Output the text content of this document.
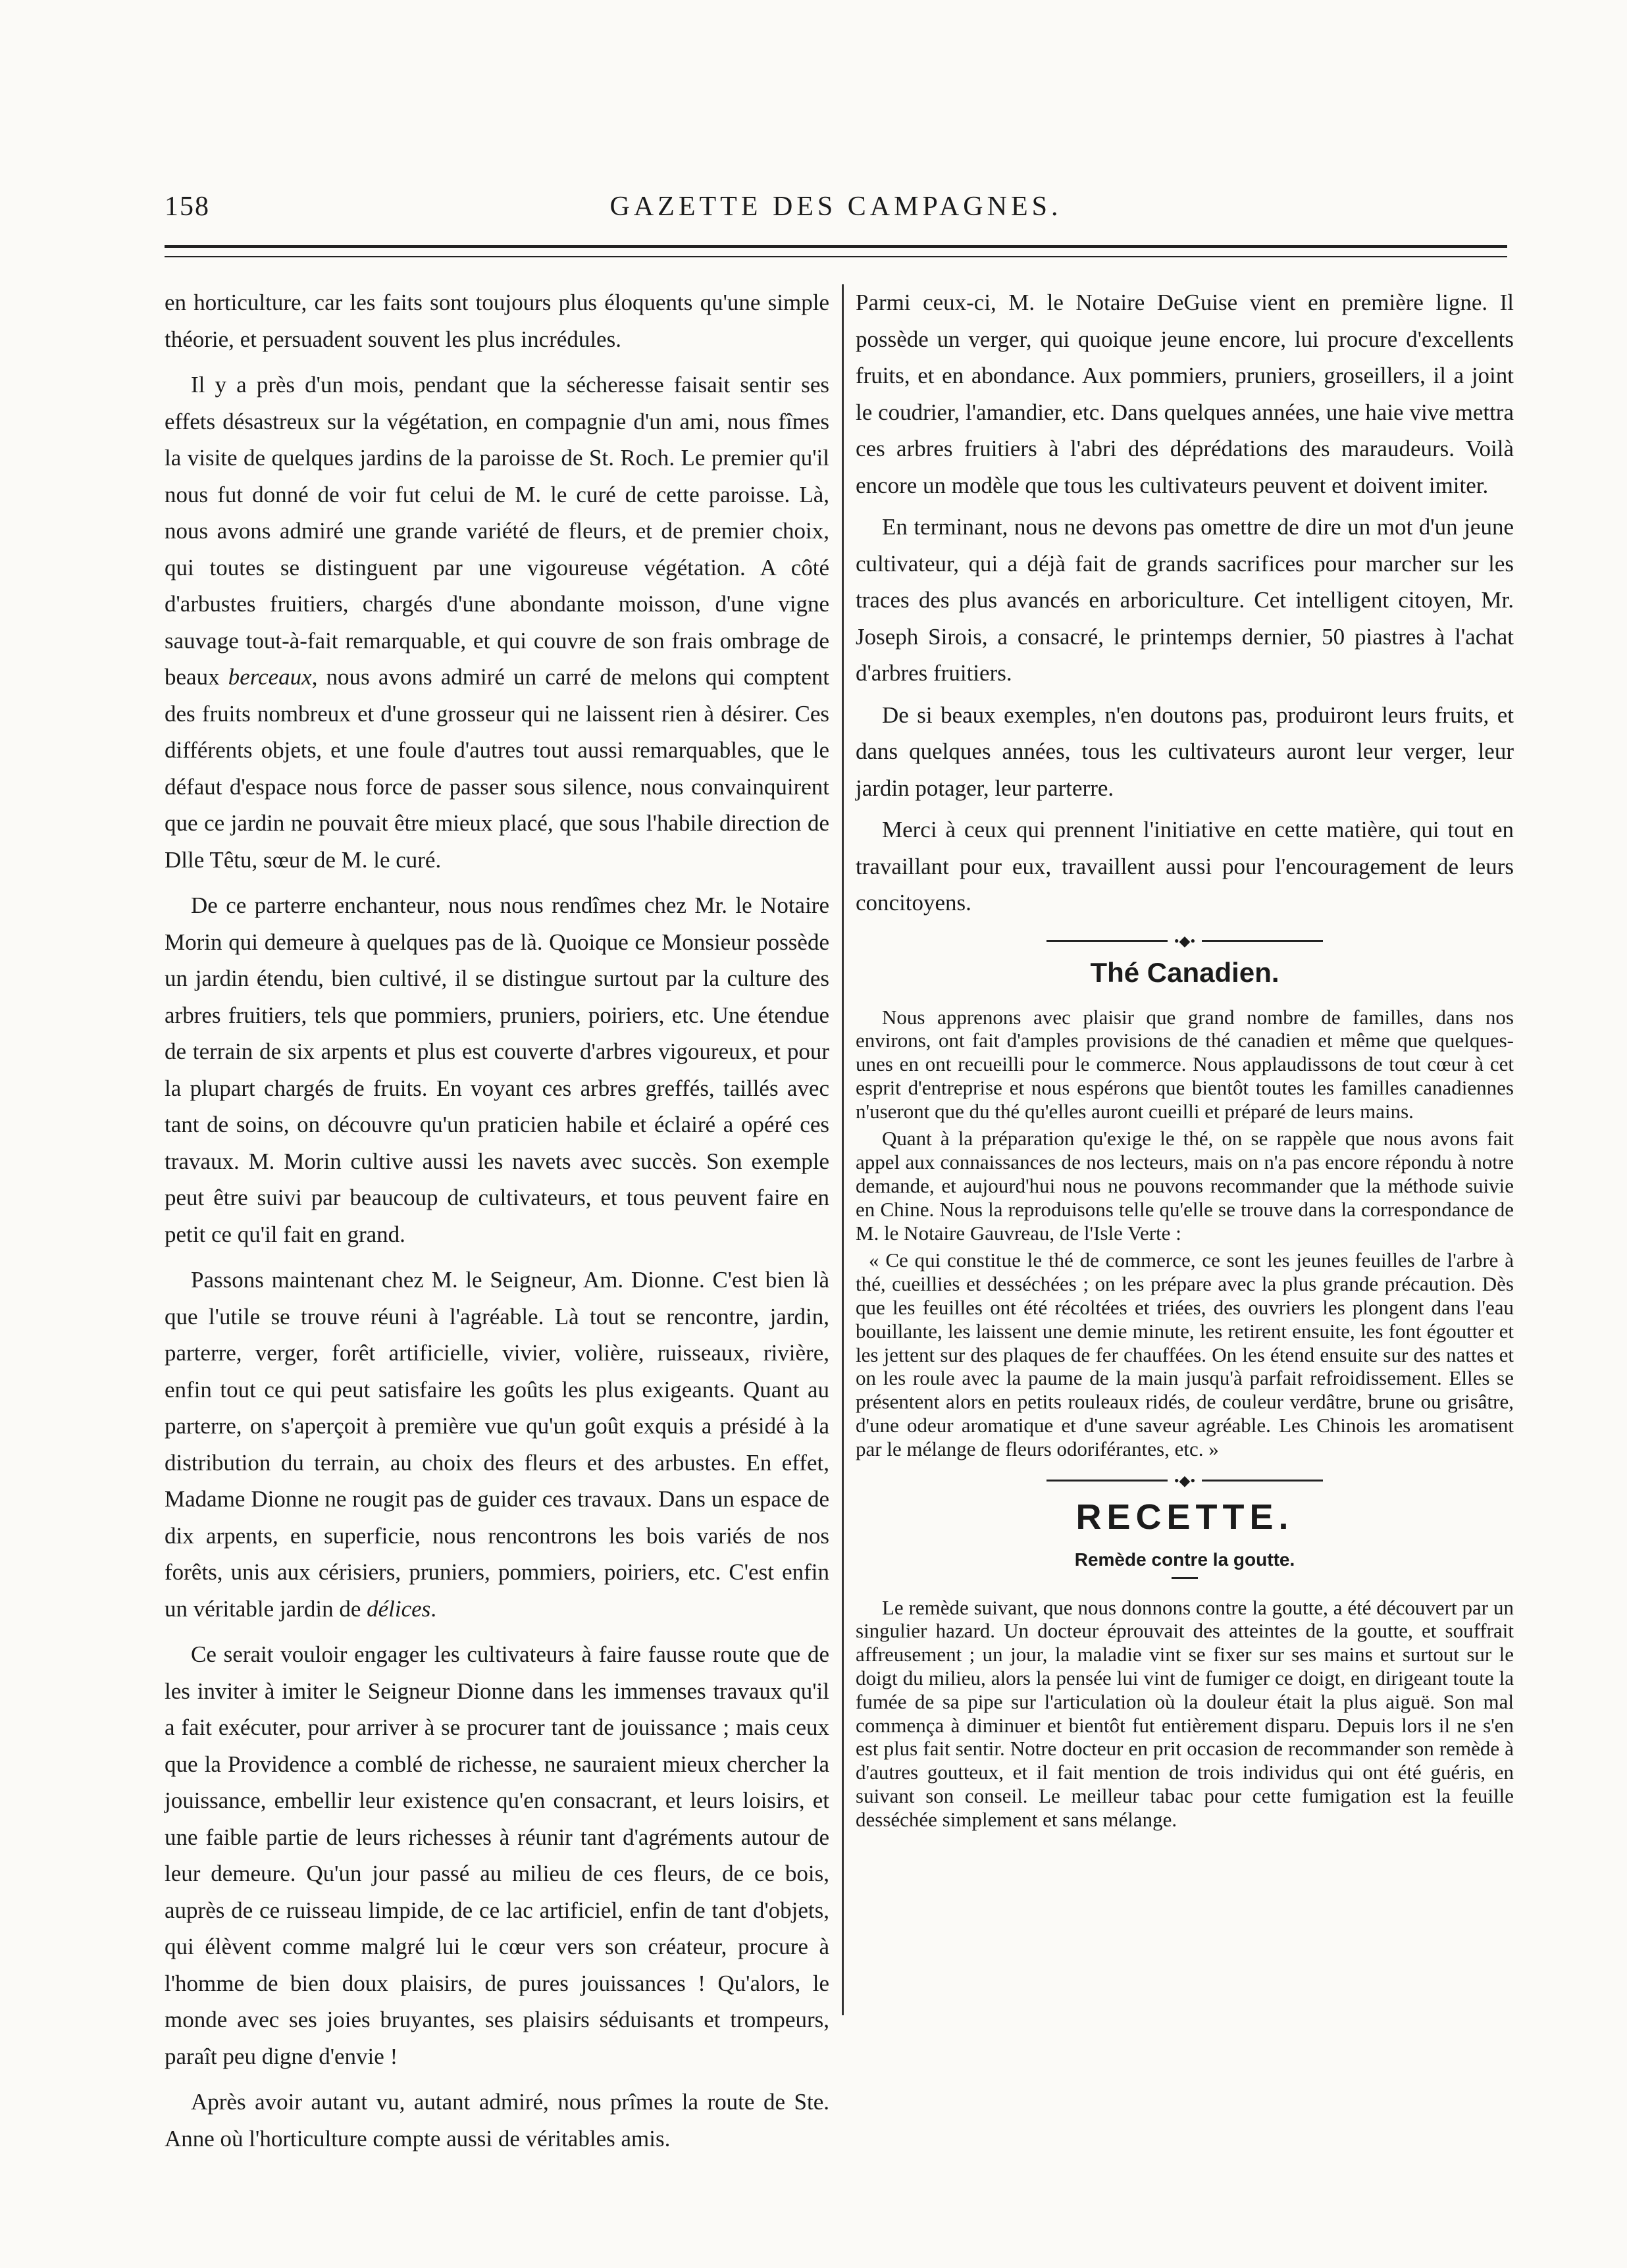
158	GAZETTE DES CAMPAGNES.

en horticulture, car les faits sont toujours plus éloquents qu'une simple théorie, et persuadent souvent les plus incrédules.

Il y a près d'un mois, pendant que la sécheresse faisait sentir ses effets désastreux sur la végétation, en compagnie d'un ami, nous fîmes la visite de quelques jardins de la paroisse de St. Roch. Le premier qu'il nous fut donné de voir fut celui de M. le curé de cette paroisse. Là, nous avons admiré une grande variété de fleurs, et de premier choix, qui toutes se distinguent par une vigoureuse végétation. A côté d'arbustes fruitiers, chargés d'une abondante moisson, d'une vigne sauvage tout-à-fait remarquable, et qui couvre de son frais ombrage de beaux berceaux, nous avons admiré un carré de melons qui comptent des fruits nombreux et d'une grosseur qui ne laissent rien à désirer. Ces différents objets, et une foule d'autres tout aussi remarquables, que le défaut d'espace nous force de passer sous silence, nous convainquirent que ce jardin ne pouvait être mieux placé, que sous l'habile direction de Dlle Têtu, sœur de M. le curé.

De ce parterre enchanteur, nous nous rendîmes chez Mr. le Notaire Morin qui demeure à quelques pas de là. Quoique ce Monsieur possède un jardin étendu, bien cultivé, il se distingue surtout par la culture des arbres fruitiers, tels que pommiers, pruniers, poiriers, etc. Une étendue de terrain de six arpents et plus est couverte d'arbres vigoureux, et pour la plupart chargés de fruits. En voyant ces arbres greffés, taillés avec tant de soins, on découvre qu'un praticien habile et éclairé a opéré ces travaux. M. Morin cultive aussi les navets avec succès. Son exemple peut être suivi par beaucoup de cultivateurs, et tous peuvent faire en petit ce qu'il fait en grand.

Passons maintenant chez M. le Seigneur, Am. Dionne. C'est bien là que l'utile se trouve réuni à l'agréable. Là tout se rencontre, jardin, parterre, verger, forêt artificielle, vivier, volière, ruisseaux, rivière, enfin tout ce qui peut satisfaire les goûts les plus exigeants. Quant au parterre, on s'aperçoit à première vue qu'un goût exquis a présidé à la distribution du terrain, au choix des fleurs et des arbustes. En effet, Madame Dionne ne rougit pas de guider ces travaux. Dans un espace de dix arpents, en superficie, nous rencontrons les bois variés de nos forêts, unis aux cérisiers, pruniers, pommiers, poiriers, etc. C'est enfin un véritable jardin de délices.

Ce serait vouloir engager les cultivateurs à faire fausse route que de les inviter à imiter le Seigneur Dionne dans les immenses travaux qu'il a fait exécuter, pour arriver à se procurer tant de jouissance ; mais ceux que la Providence a comblé de richesse, ne sauraient mieux chercher la jouissance, embellir leur existence qu'en consacrant, et leurs loisirs, et une faible partie de leurs richesses à réunir tant d'agréments autour de leur demeure. Qu'un jour passé au milieu de ces fleurs, de ce bois, auprès de ce ruisseau limpide, de ce lac artificiel, enfin de tant d'objets, qui élèvent comme malgré lui le cœur vers son créateur, procure à l'homme de bien doux plaisirs, de pures jouissances ! Qu'alors, le monde avec ses joies bruyantes, ses plaisirs séduisants et trompeurs, paraît peu digne d'envie !

Après avoir autant vu, autant admiré, nous prîmes la route de Ste. Anne où l'horticulture compte aussi de véritables amis.

Parmi ceux-ci, M. le Notaire DeGuise vient en première ligne. Il possède un verger, qui quoique jeune encore, lui procure d'excellents fruits, et en abondance. Aux pommiers, pruniers, groseillers, il a joint le coudrier, l'amandier, etc. Dans quelques années, une haie vive mettra ces arbres fruitiers à l'abri des déprédations des maraudeurs. Voilà encore un modèle que tous les cultivateurs peuvent et doivent imiter.

En terminant, nous ne devons pas omettre de dire un mot d'un jeune cultivateur, qui a déjà fait de grands sacrifices pour marcher sur les traces des plus avancés en arboriculture. Cet intelligent citoyen, Mr. Joseph Sirois, a consacré, le printemps dernier, 50 piastres à l'achat d'arbres fruitiers.

De si beaux exemples, n'en doutons pas, produiront leurs fruits, et dans quelques années, tous les cultivateurs auront leur verger, leur jardin potager, leur parterre.

Merci à ceux qui prennent l'initiative en cette matière, qui tout en travaillant pour eux, travaillent aussi pour l'encouragement de leurs concitoyens.

•◆•
Thé Canadien.

Nous apprenons avec plaisir que grand nombre de familles, dans nos environs, ont fait d'amples provisions de thé canadien et même que quelques-unes en ont recueilli pour le commerce. Nous applaudissons de tout cœur à cet esprit d'entreprise et nous espérons que bientôt toutes les familles canadiennes n'useront que du thé qu'elles auront cueilli et préparé de leurs mains.

Quant à la préparation qu'exige le thé, on se rappèle que nous avons fait appel aux connaissances de nos lecteurs, mais on n'a pas encore répondu à notre demande, et aujourd'hui nous ne pouvons recommander que la méthode suivie en Chine. Nous la reproduisons telle qu'elle se trouve dans la correspondance de M. le Notaire Gauvreau, de l'Isle Verte :

« Ce qui constitue le thé de commerce, ce sont les jeunes feuilles de l'arbre à thé, cueillies et desséchées ; on les prépare avec la plus grande précaution. Dès que les feuilles ont été récoltées et triées, des ouvriers les plongent dans l'eau bouillante, les laissent une demie minute, les retirent ensuite, les font égoutter et les jettent sur des plaques de fer chauffées. On les étend ensuite sur des nattes et on les roule avec la paume de la main jusqu'à parfait refroidissement. Elles se présentent alors en petits rouleaux ridés, de couleur verdâtre, brune ou grisâtre, d'une odeur aromatique et d'une saveur agréable. Les Chinois les aromatisent par le mélange de fleurs odoriférantes, etc. »

•◆•
RECETTE.
Remède contre la goutte.

Le remède suivant, que nous donnons contre la goutte, a été découvert par un singulier hazard. Un docteur éprouvait des atteintes de la goutte, et souffrait affreusement ; un jour, la maladie vint se fixer sur ses mains et surtout sur le doigt du milieu, alors la pensée lui vint de fumiger ce doigt, en dirigeant toute la fumée de sa pipe sur l'articulation où la douleur était la plus aiguë. Son mal commença à diminuer et bientôt fut entièrement disparu. Depuis lors il ne s'en est plus fait sentir. Notre docteur en prit occasion de recommander son remède à d'autres goutteux, et il fait mention de trois individus qui ont été guéris, en suivant son conseil. Le meilleur tabac pour cette fumigation est la feuille desséchée simplement et sans mélange.
